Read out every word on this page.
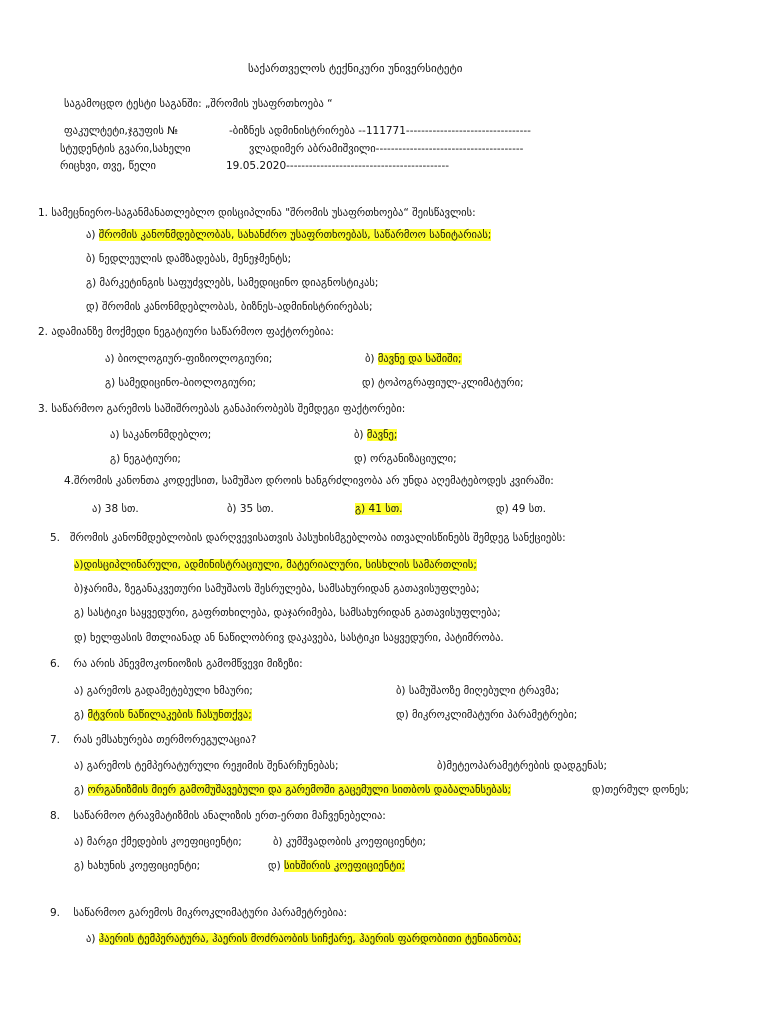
საქართველოს ტექნიკური უნივერსიტეტი
საგამოცდო ტესტი საგანში: „შრომის უსაფრთხოება “
ფაკულტეტი,ჯგუფის №	-ბიზნეს ადმინისტრირება --111771---------------------------------
სტუდენტის გვარი,სახელი	ვლადიმერ აბრამიშვილი---------------------------------------
რიცხვი, თვე, წელი	19.05.2020-------------------------------------------
1. სამეცნიერო-საგანმანათლებლო დისციპლინა "შრომის უსაფრთხოება“ შეისწავლის:
ა) შრომის კანონმდებლობას, სახანძრო უსაფრთხოებას, საწარმოო სანიტარიას;
ბ) ნედლეულის დამზადებას, მენეჯმენტს;
გ) მარკეტინგის საფუძვლებს, სამედიცინო დიაგნოსტიკას;
დ) შრომის კანონმდებლობას, ბიზნეს-ადმინისტრირებას;
2. ადამიანზე მოქმედი ნეგატიური საწარმოო ფაქტორებია:
ა) ბიოლოგიურ-ფიზიოლოგიური;	ბ) მავნე და საშიში;
გ) სამედიცინო-ბიოლოგიური;	დ) ტოპოგრაფიულ-კლიმატური;
3. საწარმოო გარემოს საშიშროებას განაპირობებს შემდეგი ფაქტორები:
ა) საკანონმდებლო;	ბ) მავნე;
გ) ნეგატიური;	დ) ორგანიზაციული;
4.შრომის კანონთა კოდექსით, სამუშაო დროის ხანგრძლივობა არ უნდა აღემატებოდეს კვირაში:
ა) 38 სთ.	ბ) 35 სთ.	გ) 41 სთ.	დ) 49 სთ.
5. შრომის კანონმდებლობის დარღვევისათვის პასუხისმგებლობა ითვალისწინებს შემდეგ სანქციებს:
ა)დისციპლინარული, ადმინისტრაციული, მატერიალური, სისხლის სამართლის;
ბ)ჯარიმა, ზეგანაკვეთური სამუშაოს შესრულება, სამსახურიდან გათავისუფლება;
გ) სასტიკი საყვედური, გაფრთხილება, დაჯარიმება, სამსახურიდან გათავისუფლება;
დ) ხელფასის მთლიანად ან ნაწილობრივ დაკავება, სასტიკი საყვედური, პატიმრობა.
6. რა არის პნევმოკონიოზის გამომწვევი მიზეზი:
ა) გარემოს გადამეტებული ხმაური;	ბ) სამუშაოზე მიღებული ტრავმა;
გ) მტვრის ნაწილაკების ჩასუნთქვა;	დ) მიკროკლიმატური პარამეტრები;
7. რას ემსახურება თერმორეგულაცია?
ა) გარემოს ტემპერატურული რეჟიმის შენარჩუნებას;	ბ)მეტეოპარამეტრების დადგენას;
გ) ორგანიზმის მიერ გამომუშავებული და გარემოში გაცემული სითბოს დაბალანსებას;	დ)თერმულ დონეს;
8. საწარმოო ტრავმატიზმის ანალიზის ერთ-ერთი მაჩვენებელია:
ა) მარგი ქმედების კოეფიციენტი;	ბ) კუმშვადობის კოეფიციენტი;
გ) ხახუნის კოეფიციენტი;	დ) სიხშირის კოეფიციენტი;
9. საწარმოო გარემოს მიკროკლიმატური პარამეტრებია:
ა) ჰაერის ტემპერატურა, ჰაერის მოძრაობის სიჩქარე, ჰაერის ფარდობითი ტენიანობა;
